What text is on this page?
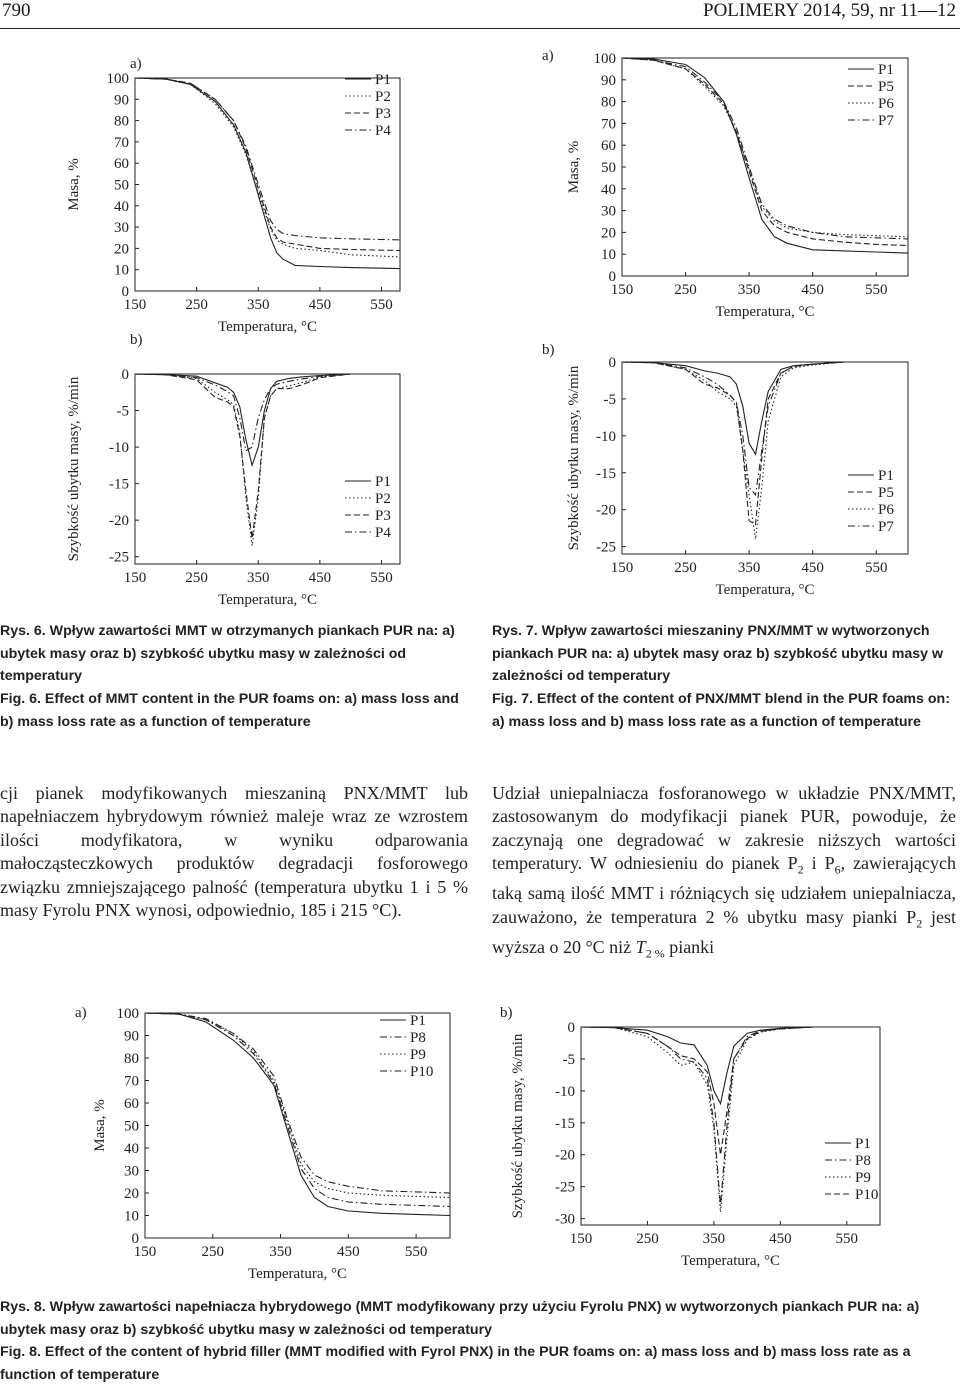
790	POLIMERY 2014, 59, nr 11—12
0
10
20
30
40
50
60
70
80
90
100
150	250	350	450	550
Temperatura, °C
Masa, %
a)
P1
P2
P3
P4
0
-5
-10
-15
-20
-25
150	250	350	450	550
Temperatura, °C
Szybkość ubytku masy, %/min
b)
P1
P2
P3
P4
0
10
20
30
40
50
60
70
80
90
100
150	250	350	450	550
Temperatura, °C
Masa, %
a)
P1
P5
P6
P7
0
-5
-10
-15
-20
-25
150	250	350	450	550
Temperatura, °C
Szybkość ubytku masy, %/min
b)
P1
P5
P6
P7
Rys. 6. Wpływ zawartości MMT w otrzymanych piankach PUR na: a) ubytek masy oraz b) szybkość ubytku masy w zależności od temperatury
Fig. 6. Effect of MMT content in the PUR foams on: a) mass loss and b) mass loss rate as a function of temperature
Rys. 7. Wpływ zawartości mieszaniny PNX/MMT w wytworzonych piankach PUR na: a) ubytek masy oraz b) szybkość ubytku masy w zależności od temperatury
Fig. 7. Effect of the content of PNX/MMT blend in the PUR foams on: a) mass loss and b) mass loss rate as a function of temperature
cji pianek modyfikowanych mieszaniną PNX/MMT lub napełniaczem hybrydowym również maleje wraz ze wzrostem ilości modyfikatora, w wyniku odparowania małocząsteczkowych produktów degradacji fosforowego związku zmniejszającego palność (temperatura ubytku 1 i 5 % masy Fyrolu PNX wynosi, odpowiednio, 185 i 215 °C).
Udział uniepalniacza fosforanowego w układzie PNX/MMT, zastosowanym do modyfikacji pianek PUR, powoduje, że zaczynają one degradować w zakresie niższych wartości temperatury. W odniesieniu do pianek $P_2$ i $P_6$, zawierających taką samą ilość MMT i różniących się udziałem uniepalniacza, zauważono, że temperatura 2 % ubytku masy pianki $P_2$ jest wyższa o 20 °C niż $T_{2 \%}$ pianki
0
10
20
30
40
50
60
70
80
90
100
150	250	350	450	550
Temperatura, °C
Masa, %
a)	P1
P8
P9
P10
0
-5
-10
-15
-20
-25
-30
150	250	350	450	550
Temperatura, °C
Szybkość ubytku masy, %/min
b)
P1
P8
P9
P10
Rys. 8. Wpływ zawartości napełniacza hybrydowego (MMT modyfikowany przy użyciu Fyrolu PNX) w wytworzonych piankach PUR na: a) ubytek masy oraz b) szybkość ubytku masy w zależności od temperatury
Fig. 8. Effect of the content of hybrid filler (MMT modified with Fyrol PNX) in the PUR foams on: a) mass loss and b) mass loss rate as a function of temperature
